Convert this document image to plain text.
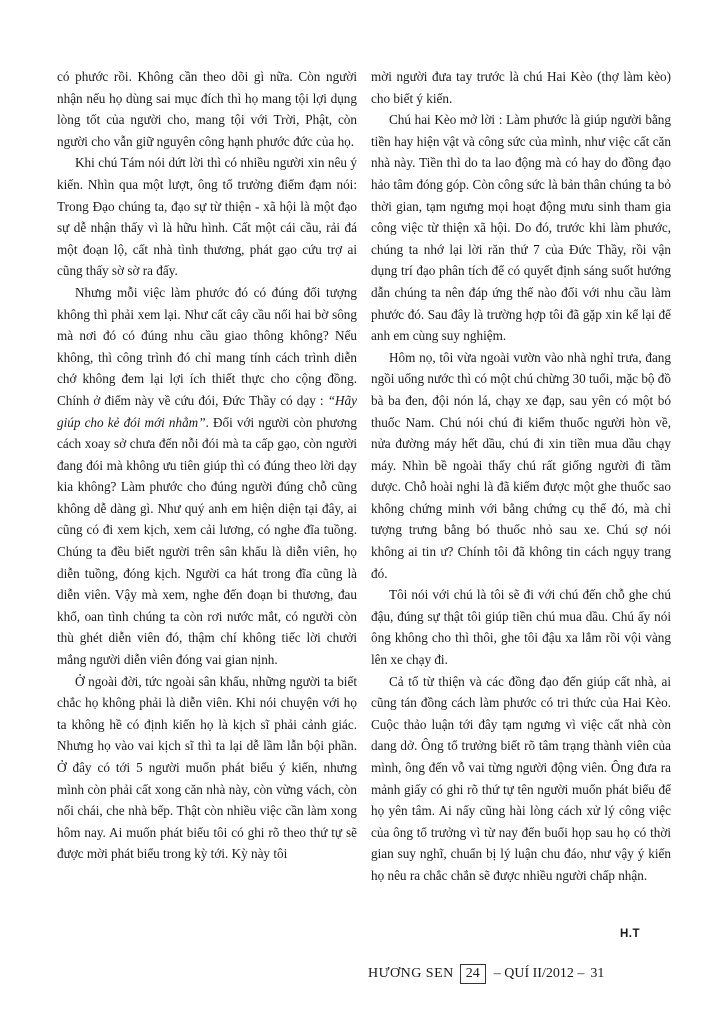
có phước rồi. Không cần theo dõi gì nữa. Còn người nhận nếu họ dùng sai mục đích thì họ mang tội lợi dụng lòng tốt của người cho, mang tội với Trời, Phật, còn người cho vẫn giữ nguyên công hạnh phước đức của họ.

Khi chú Tám nói dứt lời thì có nhiều người xin nêu ý kiến. Nhìn qua một lượt, ông tổ trưởng điểm đạm nói: Trong Đạo chúng ta, đạo sự từ thiện - xã hội là một đạo sự dễ nhận thấy vì là hữu hình. Cất một cái cầu, rải đá một đoạn lộ, cất nhà tình thương, phát gạo cứu trợ ai cũng thấy sờ sờ ra đấy.

Nhưng mỗi việc làm phước đó có đúng đối tượng không thì phải xem lại. Như cất cây cầu nối hai bờ sông mà nơi đó có đúng nhu cầu giao thông không? Nếu không, thì công trình đó chỉ mang tính cách trình diễn chớ không đem lại lợi ích thiết thực cho cộng đồng. Chính ở điểm này về cứu đói, Đức Thầy có dạy : “Hãy giúp cho kẻ đói mới nhằm”. Đối với người còn phương cách xoay sở chưa đến nỗi đói mà ta cấp gạo, còn người đang đói mà không ưu tiên giúp thì có đúng theo lời dạy kia không? Làm phước cho đúng người đúng chỗ cũng không dễ dàng gì. Như quý anh em hiện diện tại đây, ai cũng có đi xem kịch, xem cải lương, có nghe đĩa tuồng. Chúng ta đều biết người trên sân khấu là diễn viên, họ diễn tuồng, đóng kịch. Người ca hát trong đĩa cũng là diễn viên. Vậy mà xem, nghe đến đoạn bi thương, đau khổ, oan tình chúng ta còn rơi nước mắt, có người còn thù ghét diễn viên đó, thậm chí không tiếc lời chưởi mắng người diễn viên đóng vai gian nịnh.

Ở ngoài đời, tức ngoài sân khấu, những người ta biết chắc họ không phải là diễn viên. Khi nói chuyện với họ ta không hề có định kiến họ là kịch sĩ phải cảnh giác. Nhưng họ vào vai kịch sĩ thì ta lại dễ lầm lẫn bội phần. Ở đây có tới 5 người muốn phát biểu ý kiến, nhưng mình còn phải cất xong căn nhà này, còn vừng vách, còn nối chái, che nhà bếp. Thật còn nhiều việc cần làm xong hôm nay. Ai muốn phát biểu tôi có ghi rõ theo thứ tự sẽ được mời phát biểu trong kỳ tới. Kỳ này tôi

mời người đưa tay trước là chú Hai Kèo (thợ làm kèo) cho biết ý kiến.

Chú hai Kèo mở lời : Làm phước là giúp người bằng tiền hay hiện vật và công sức của mình, như việc cất căn nhà này. Tiền thì do ta lao động mà có hay do đồng đạo hảo tâm đóng góp. Còn công sức là bản thân chúng ta bỏ thời gian, tạm ngưng mọi hoạt động mưu sinh tham gia công việc từ thiện xã hội. Do đó, trước khi làm phước, chúng ta nhớ lại lời răn thứ 7 của Đức Thầy, rồi vận dụng trí đạo phân tích để có quyết định sáng suốt hướng dẫn chúng ta nên đáp ứng thế nào đối với nhu cầu làm phước đó. Sau đây là trường hợp tôi đã gặp xin kể lại để anh em cùng suy nghiệm.

Hôm nọ, tôi vừa ngoài vườn vào nhà nghỉ trưa, đang ngồi uống nước thì có một chú chừng 30 tuổi, mặc bộ đồ bà ba đen, đội nón lá, chạy xe đạp, sau yên có một bó thuốc Nam. Chú nói chú đi kiếm thuốc người hòn về, nửa đường máy hết dầu, chú đi xin tiền mua dầu chạy máy. Nhìn bề ngoài thấy chú rất giống người đi tầm dược. Chỗ hoài nghi là đã kiếm được một ghe thuốc sao không chứng minh với bằng chứng cụ thể đó, mà chỉ tượng trưng bằng bó thuốc nhỏ sau xe. Chú sợ nói không ai tin ư? Chính tôi đã không tin cách ngụy trang đó.

Tôi nói với chú là tôi sẽ đi với chú đến chỗ ghe chú đậu, đúng sự thật tôi giúp tiền chú mua dầu. Chú ấy nói ông không cho thì thôi, ghe tôi đậu xa lắm rồi vội vàng lên xe chạy đi.

Cả tổ từ thiện và các đồng đạo đến giúp cất nhà, ai cũng tán đồng cách làm phước có tri thức của Hai Kèo. Cuộc thảo luận tới đây tạm ngưng vì việc cất nhà còn dang dở. Ông tổ trưởng biết rõ tâm trạng thành viên của mình, ông đến vỗ vai từng người động viên. Ông đưa ra mảnh giấy có ghi rõ thứ tự tên người muốn phát biểu để họ yên tâm. Ai nấy cũng hài lòng cách xử lý công việc của ông tổ trưởng vì từ nay đến buổi họp sau họ có thời gian suy nghĩ, chuẩn bị lý luận chu đáo, như vậy ý kiến họ nêu ra chắc chắn sẽ được nhiều người chấp nhận.

H.T
HƯƠNG SEN 24	– QUÍ II/2012 – 31
